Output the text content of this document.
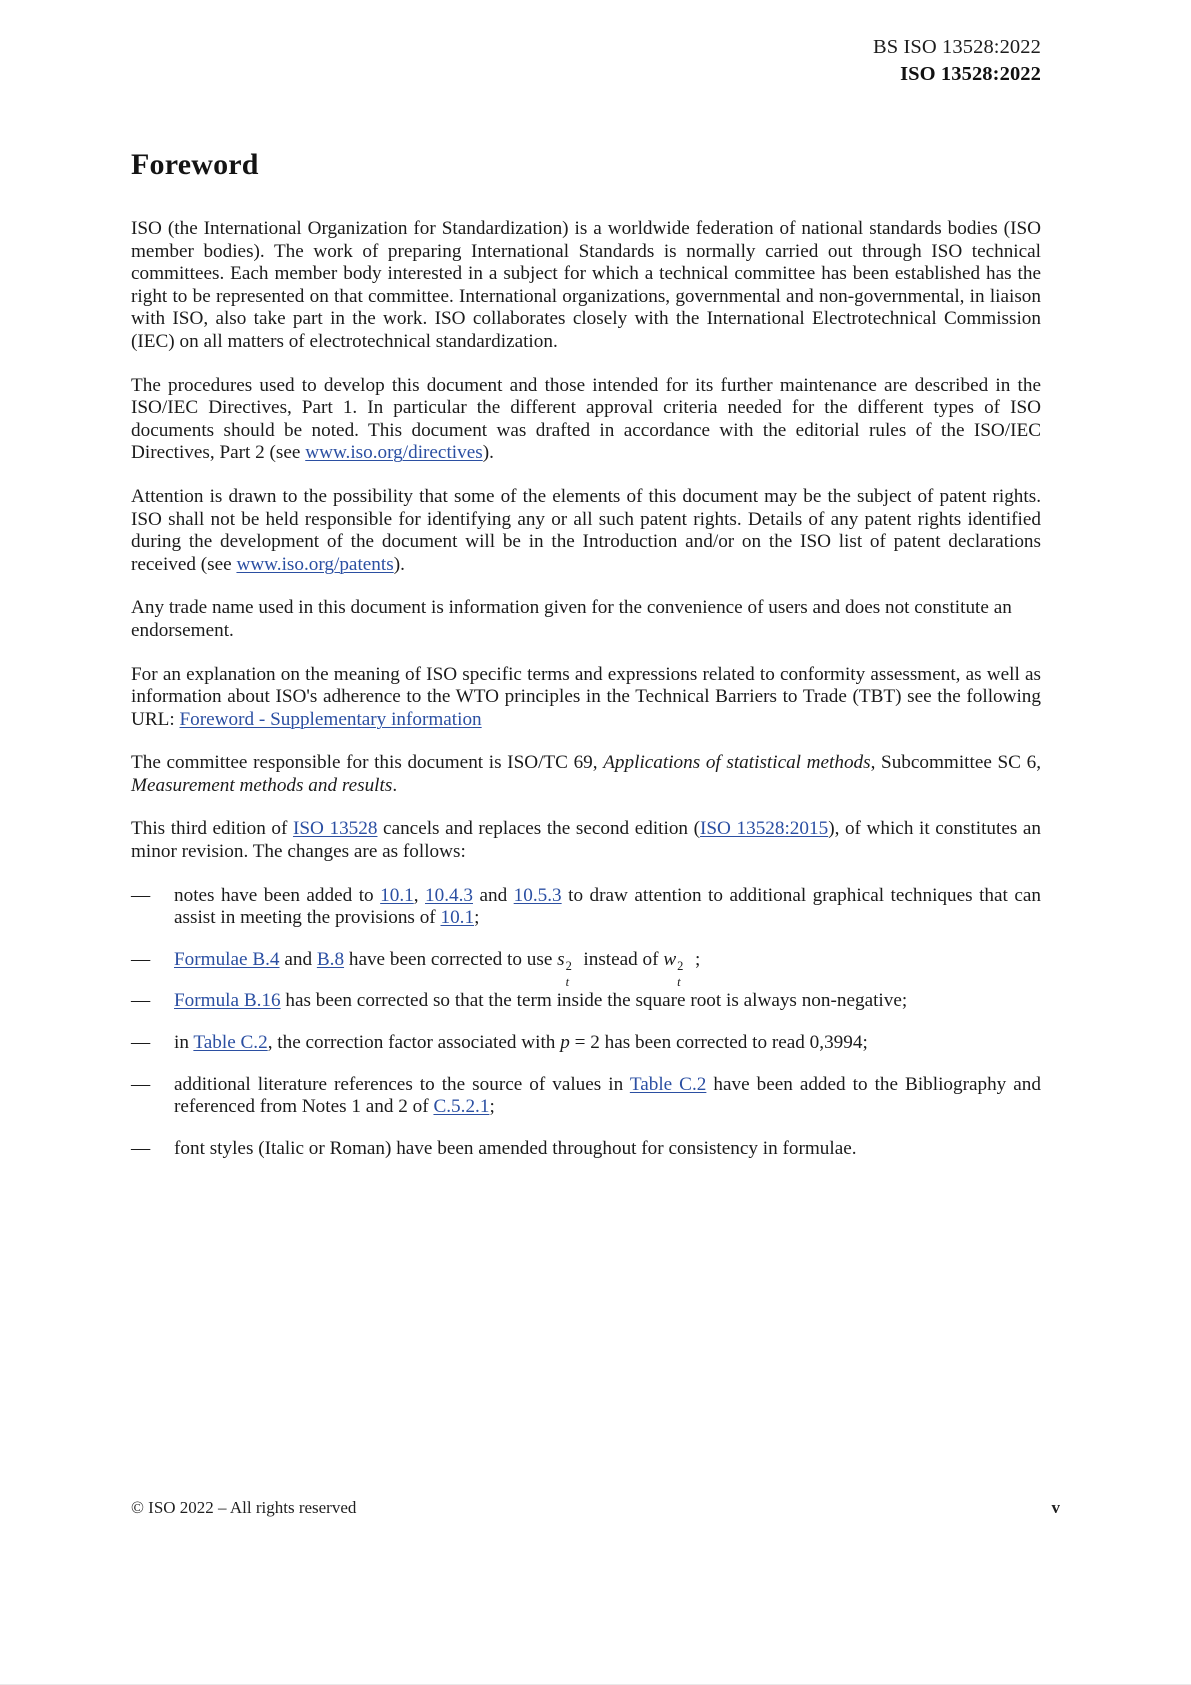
BS ISO 13528:2022
ISO 13528:2022
Foreword

ISO (the International Organization for Standardization) is a worldwide federation of national standards bodies (ISO member bodies). The work of preparing International Standards is normally carried out through ISO technical committees. Each member body interested in a subject for which a technical committee has been established has the right to be represented on that committee. International organizations, governmental and non-governmental, in liaison with ISO, also take part in the work. ISO collaborates closely with the International Electrotechnical Commission (IEC) on all matters of electrotechnical standardization.

The procedures used to develop this document and those intended for its further maintenance are described in the ISO/IEC Directives, Part 1. In particular the different approval criteria needed for the different types of ISO documents should be noted. This document was drafted in accordance with the editorial rules of the ISO/IEC Directives, Part 2 (see www.iso.org/directives).

Attention is drawn to the possibility that some of the elements of this document may be the subject of patent rights. ISO shall not be held responsible for identifying any or all such patent rights. Details of any patent rights identified during the development of the document will be in the Introduction and/or on the ISO list of patent declarations received (see www.iso.org/patents).

Any trade name used in this document is information given for the convenience of users and does not constitute an endorsement.

For an explanation on the meaning of ISO specific terms and expressions related to conformity assessment, as well as information about ISO's adherence to the WTO principles in the Technical Barriers to Trade (TBT) see the following URL: Foreword - Supplementary information

The committee responsible for this document is ISO/TC 69, Applications of statistical methods, Subcommittee SC 6, Measurement methods and results.

This third edition of ISO 13528 cancels and replaces the second edition (ISO 13528:2015), of which it constitutes an minor revision. The changes are as follows:

—	notes have been added to 10.1, 10.4.3 and 10.5.3 to draw attention to additional graphical techniques that can assist in meeting the provisions of 10.1;
—	Formulae B.4 and B.8 have been corrected to use s 2
t
instead of w 2
t
;
—	Formula B.16 has been corrected so that the term inside the square root is always non-negative;
—	in Table C.2, the correction factor associated with p = 2 has been corrected to read 0,3994;
—	additional literature references to the source of values in Table C.2 have been added to the Bibliography and referenced from Notes 1 and 2 of C.5.2.1;
—	font styles (Italic or Roman) have been amended throughout for consistency in formulae.
© ISO 2022 – All rights reserved	v
